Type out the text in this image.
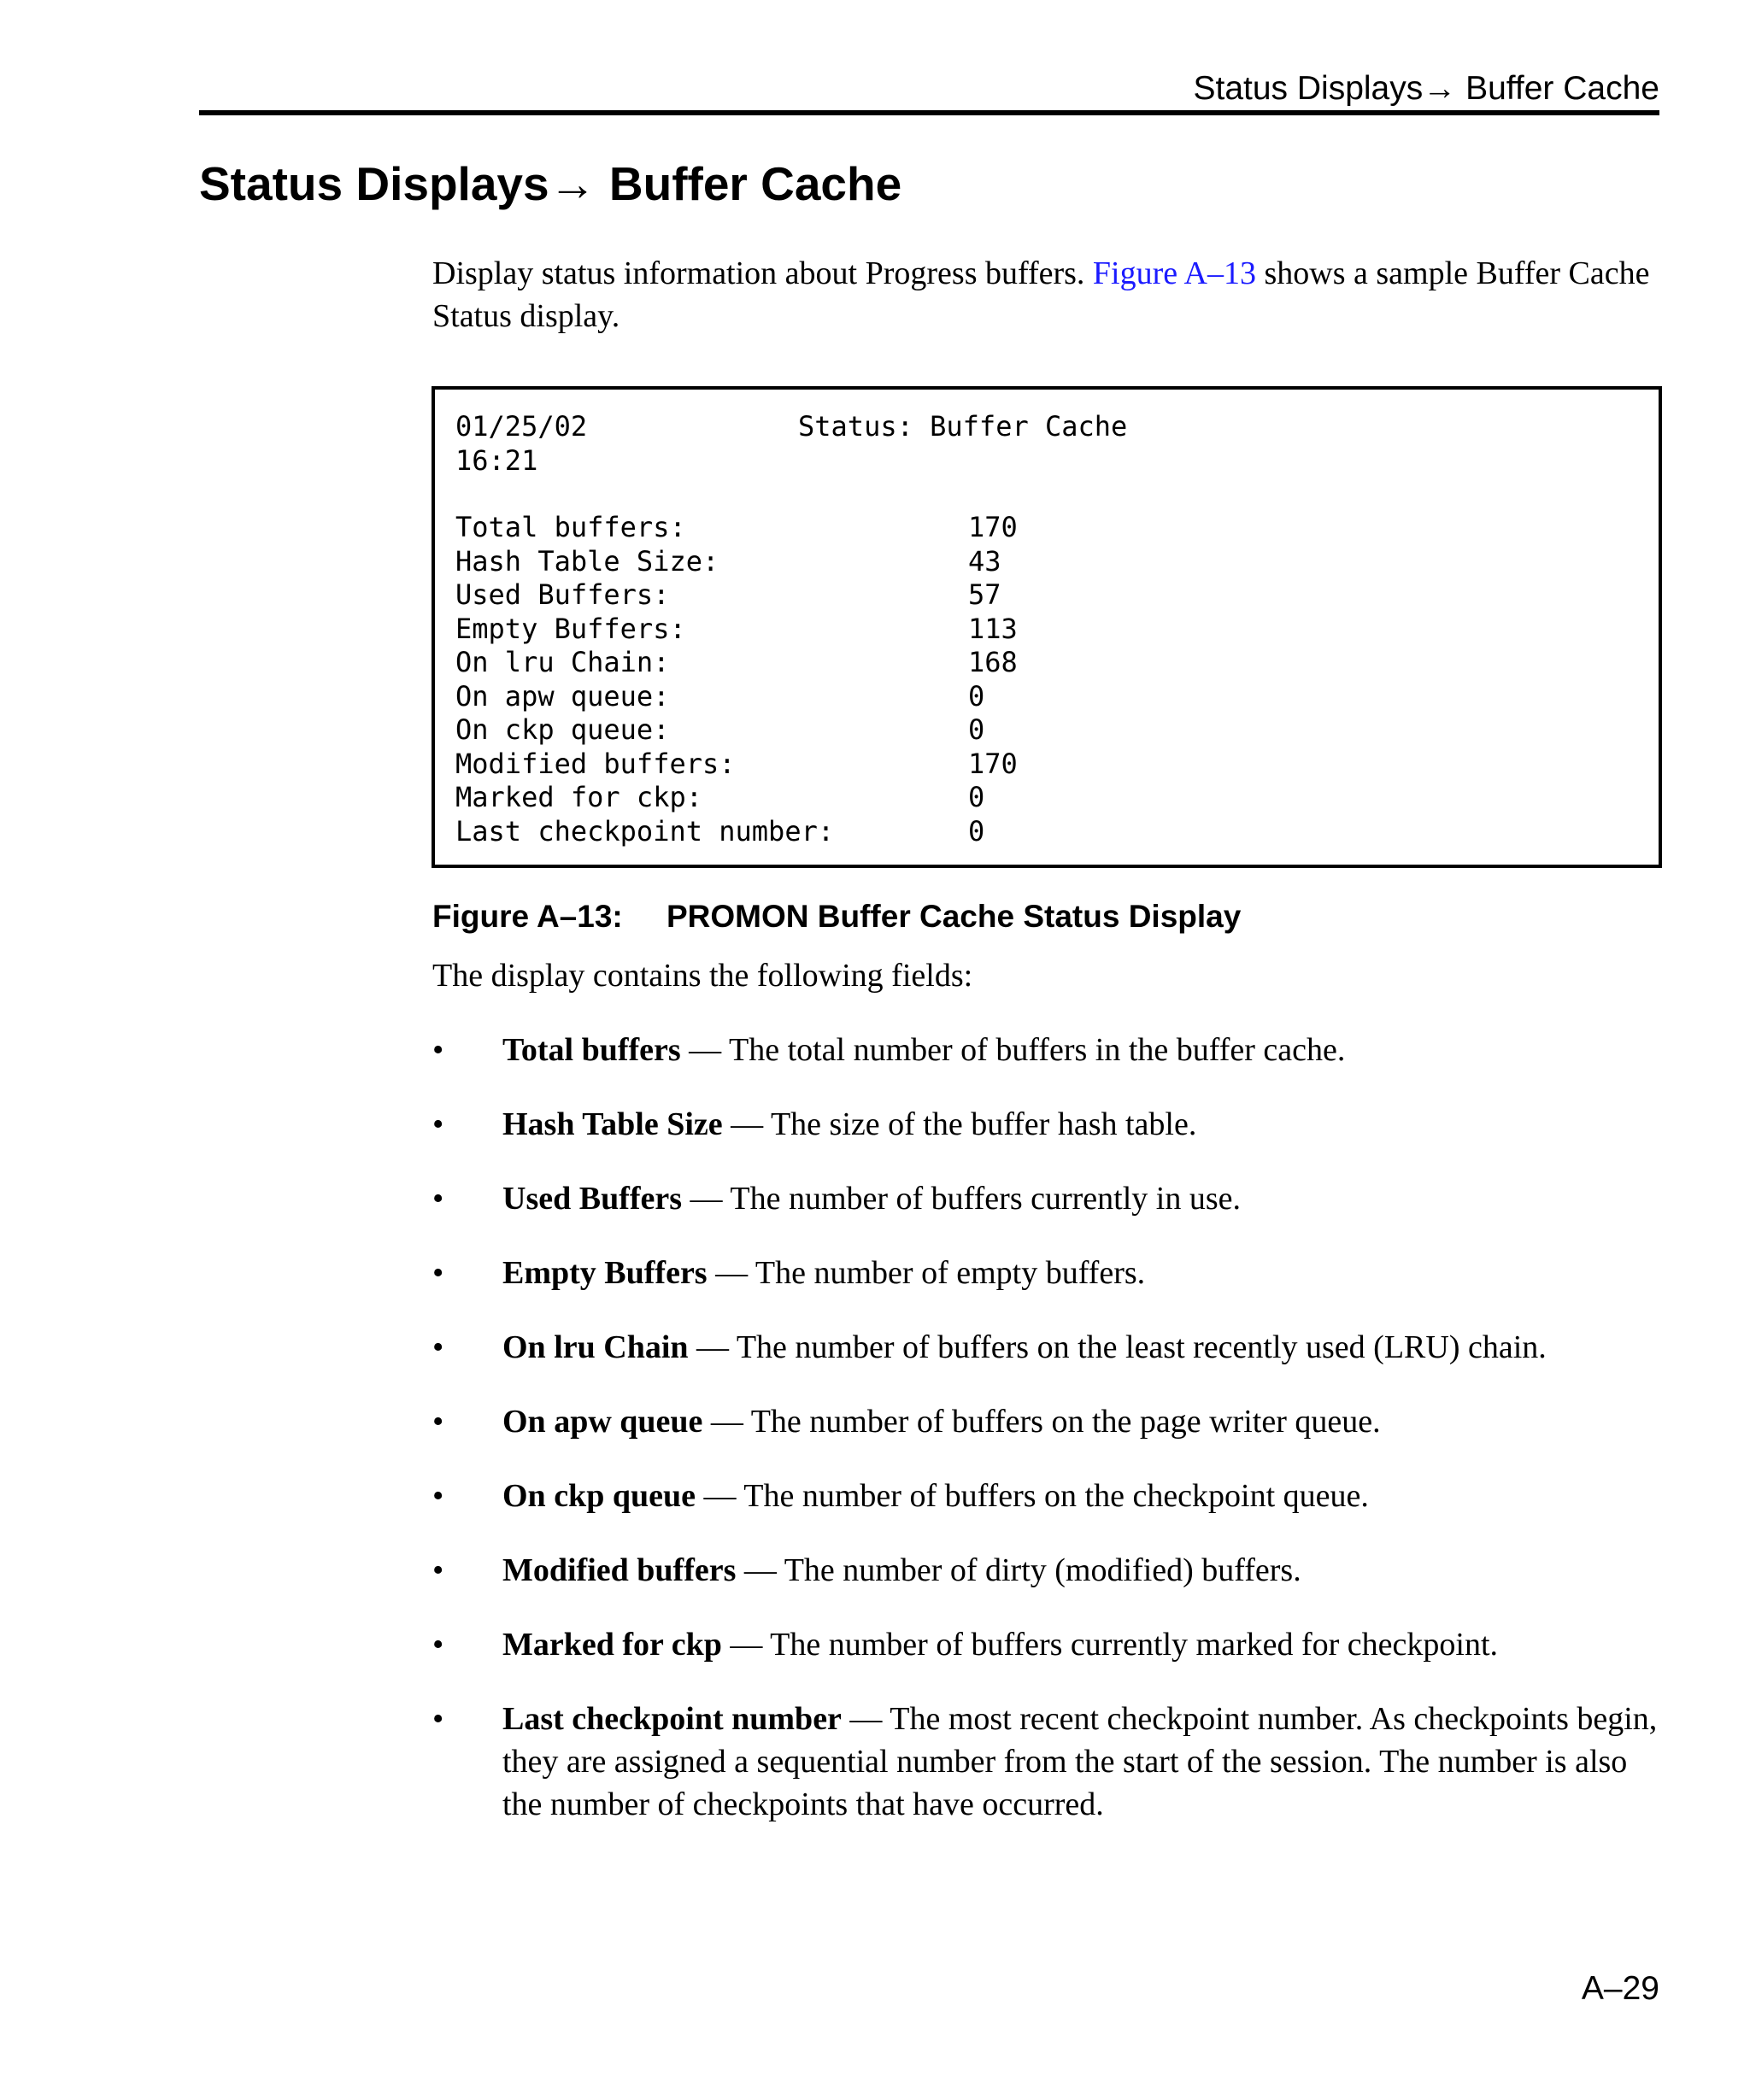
Status Displays→ Buffer Cache
Status Displays→ Buffer Cache

Display status information about Progress buffers. Figure A–13 shows a sample Buffer Cache Status display.

01/25/02
16:21
Status: Buffer Cache
Total buffers:	170
Hash Table Size:	43
Used Buffers:	57
Empty Buffers:	113
On lru Chain:	168
On apw queue:	0
On ckp queue:	0
Modified buffers:	170
Marked for ckp:	0
Last checkpoint number:	0
Figure A–13: PROMON Buffer Cache Status Display

The display contains the following fields:

• Total buffers — The total number of buffers in the buffer cache.
• Hash Table Size — The size of the buffer hash table.
• Used Buffers — The number of buffers currently in use.
• Empty Buffers — The number of empty buffers.
• On lru Chain — The number of buffers on the least recently used (LRU) chain.
• On apw queue — The number of buffers on the page writer queue.
• On ckp queue — The number of buffers on the checkpoint queue.
• Modified buffers — The number of dirty (modified) buffers.
• Marked for ckp — The number of buffers currently marked for checkpoint.
• Last checkpoint number — The most recent checkpoint number. As checkpoints begin, they are assigned a sequential number from the start of the session. The number is also the number of checkpoints that have occurred.
A–29
